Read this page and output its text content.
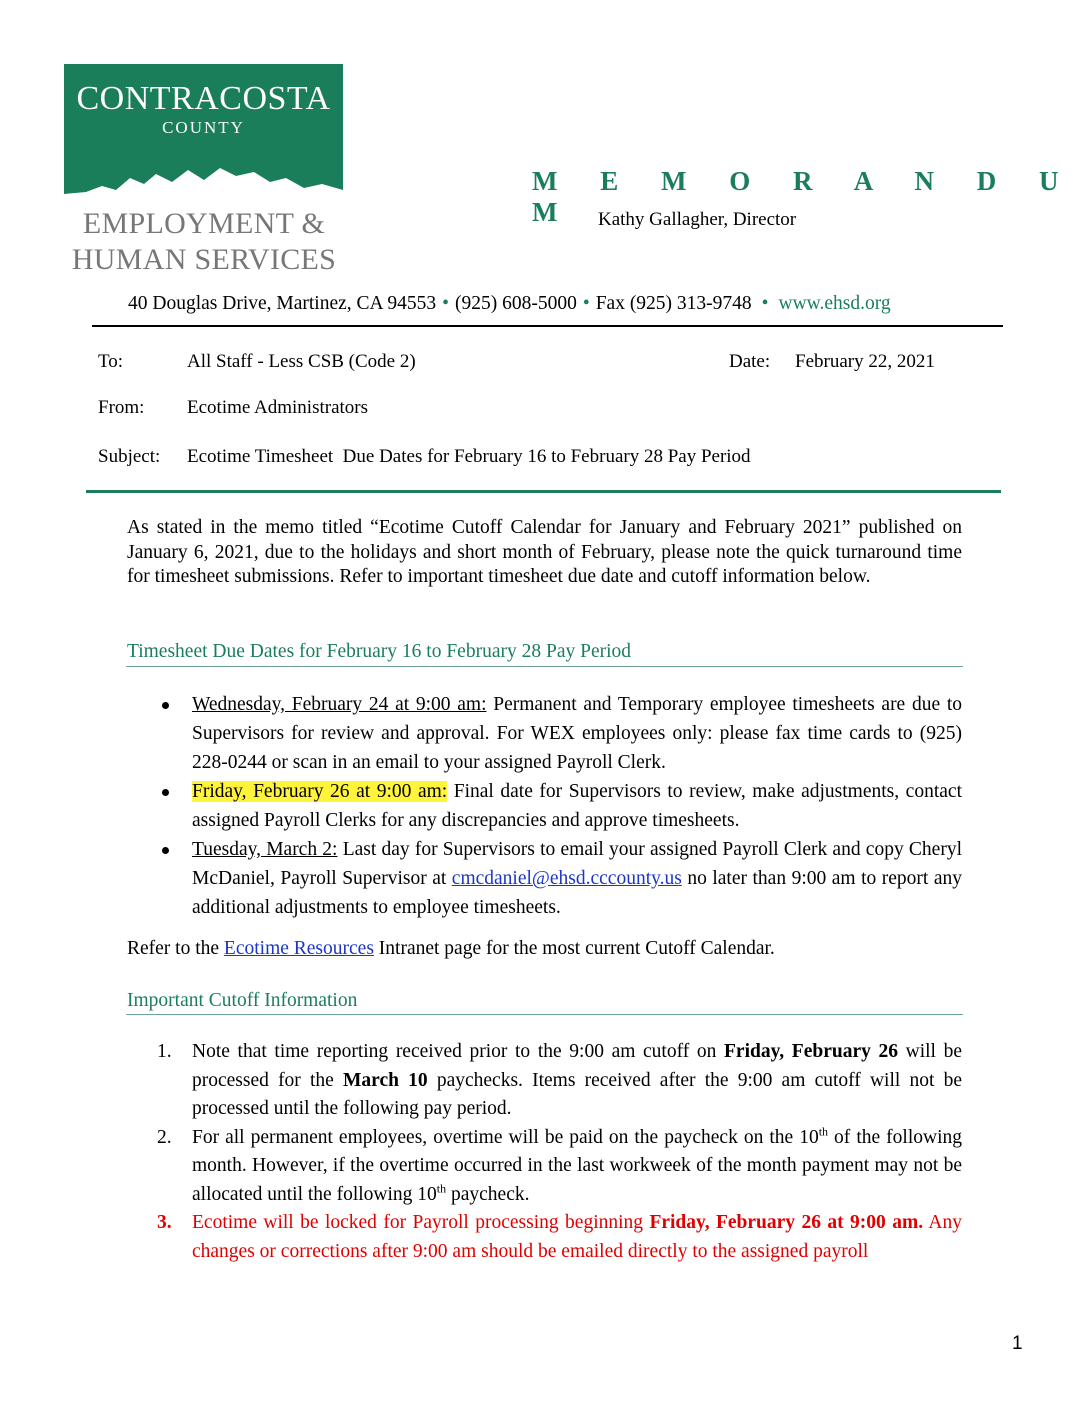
CONTRACOSTA
COUNTY
EMPLOYMENT &
HUMAN SERVICES
M E M O R A N D U M	Kathy Gallagher, Director
40 Douglas Drive, Martinez, CA 94553 • (925) 608-5000 • Fax (925) 313-9748 • www.ehsd.org
To:	All Staff - Less CSB (Code 2)	Date: February 22, 2021
From: Ecotime Administrators
Subject: Ecotime Timesheet  Due Dates for February 16 to February 28 Pay Period
As stated in the memo titled “Ecotime Cutoff Calendar for January and February 2021” published on January 6, 2021, due to the holidays and short month of February, please note the quick turnaround time for timesheet submissions. Refer to important timesheet due date and cutoff information below.
Timesheet Due Dates for February 16 to February 28 Pay Period
Wednesday, February 24 at 9:00 am: Permanent and Temporary employee timesheets are due to Supervisors for review and approval. For WEX employees only: please fax time cards to (925) 228-0244 or scan in an email to your assigned Payroll Clerk.
Friday, February 26 at 9:00 am: Final date for Supervisors to review, make adjustments, contact assigned Payroll Clerks for any discrepancies and approve timesheets.
Tuesday, March 2: Last day for Supervisors to email your assigned Payroll Clerk and copy Cheryl McDaniel, Payroll Supervisor at cmcdaniel@ehsd.cccounty.us no later than 9:00 am to report any additional adjustments to employee timesheets.
Refer to the Ecotime Resources Intranet page for the most current Cutoff Calendar.
Important Cutoff Information
1. Note that time reporting received prior to the 9:00 am cutoff on Friday, February 26 will be processed for the March 10 paychecks. Items received after the 9:00 am cutoff will not be processed until the following pay period.
2. For all permanent employees, overtime will be paid on the paycheck on the 10th of the following month. However, if the overtime occurred in the last workweek of the month payment may not be allocated until the following 10th paycheck.
3. Ecotime will be locked for Payroll processing beginning Friday, February 26 at 9:00 am. Any changes or corrections after 9:00 am should be emailed directly to the assigned payroll
1
